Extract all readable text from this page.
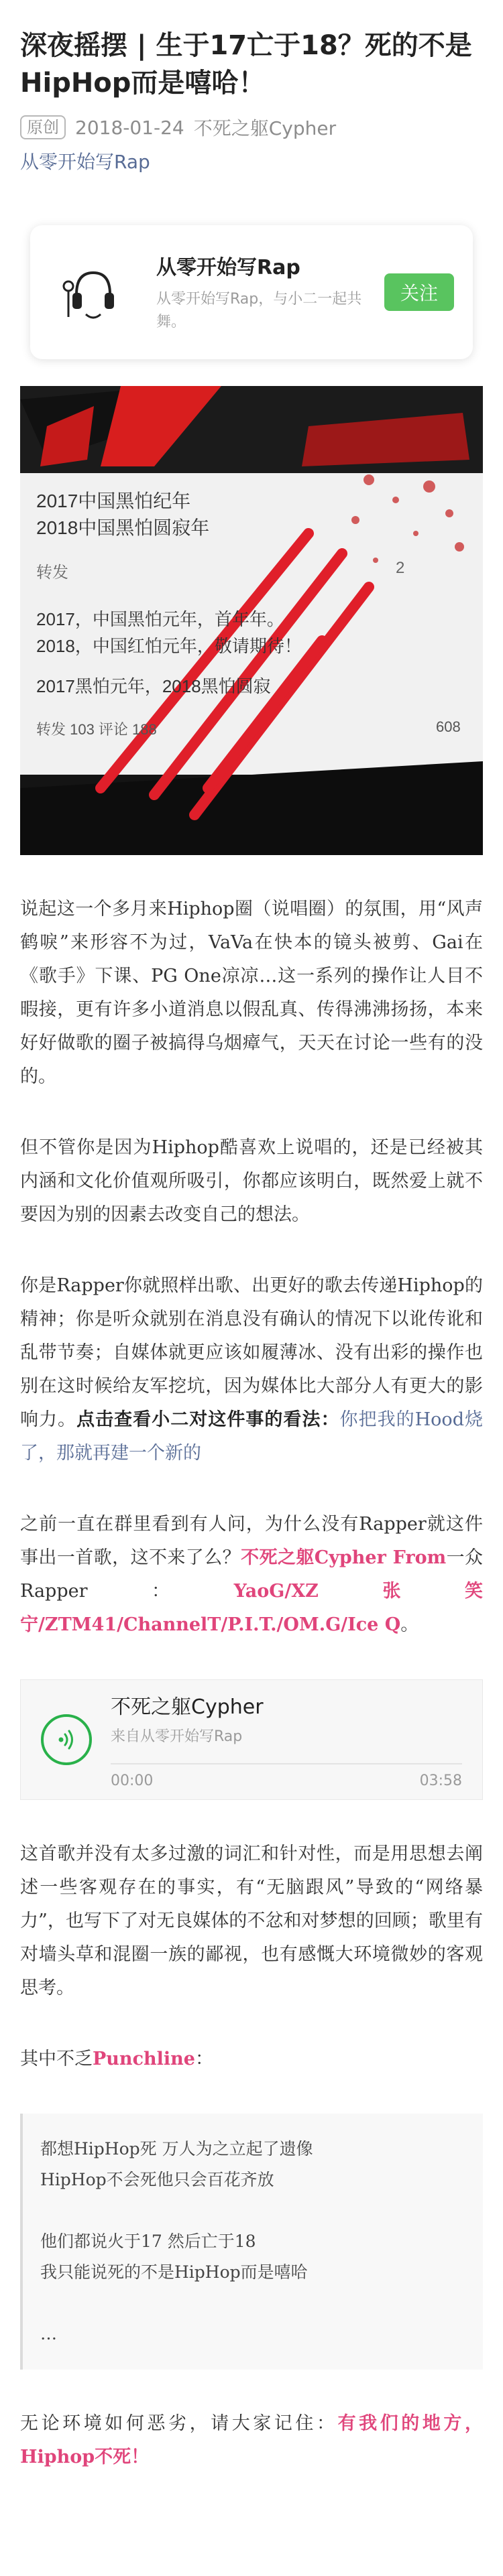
深夜摇摆 | 生于17亡于18？死的不是HipHop而是嘻哈！
原创 2018-01-24 不死之躯Cypher
从零开始写Rap
从零开始写Rap
从零开始写Rap，与小二一起共舞。
关注
2017中国黑怕纪年
2018中国黑怕圆寂年
转发	2
2017，中国黑怕元年，首年年。
2018，中国红怕元年，敬请期待！
2017黑怕元年，2018黑怕圆寂
转发 103 评论 188	608

说起这一个多月来Hiphop圈（说唱圈）的氛围，用“风声鹤唳”来形容不为过，VaVa在快本的镜头被剪、Gai在《歌手》下课、PG One凉凉…这一系列的操作让人目不暇接，更有许多小道消息以假乱真、传得沸沸扬扬，本来好好做歌的圈子被搞得乌烟瘴气，天天在讨论一些有的没的。

但不管你是因为Hiphop酷喜欢上说唱的，还是已经被其内涵和文化价值观所吸引，你都应该明白，既然爱上就不要因为别的因素去改变自己的想法。

你是Rapper你就照样出歌、出更好的歌去传递Hiphop的精神；你是听众就别在消息没有确认的情况下以讹传讹和乱带节奏；自媒体就更应该如履薄冰、没有出彩的操作也别在这时候给友军挖坑，因为媒体比大部分人有更大的影响力。点击查看小二对这件事的看法：你把我的Hood烧了，那就再建一个新的

之前一直在群里看到有人问，为什么没有Rapper就这件事出一首歌，这不来了么？不死之躯Cypher From一众Rapper：YaoG/XZ张笑宁/ZTM41/ChannelT/P.I.T./OM.G/Ice Q。

不死之躯Cypher
来自从零开始写Rap
00:00	03:58

这首歌并没有太多过激的词汇和针对性，而是用思想去阐述一些客观存在的事实，有“无脑跟风”导致的“网络暴力”，也写下了对无良媒体的不忿和对梦想的回顾；歌里有对墙头草和混圈一族的鄙视，也有感慨大环境微妙的客观思考。

其中不乏Punchline：

都想HipHop死 万人为之立起了遗像
HipHop不会死他只会百花齐放
他们都说火于17 然后亡于18
我只能说死的不是HipHop而是嘻哈
…

无论环境如何恶劣，请大家记住：有我们的地方，Hiphop不死！
